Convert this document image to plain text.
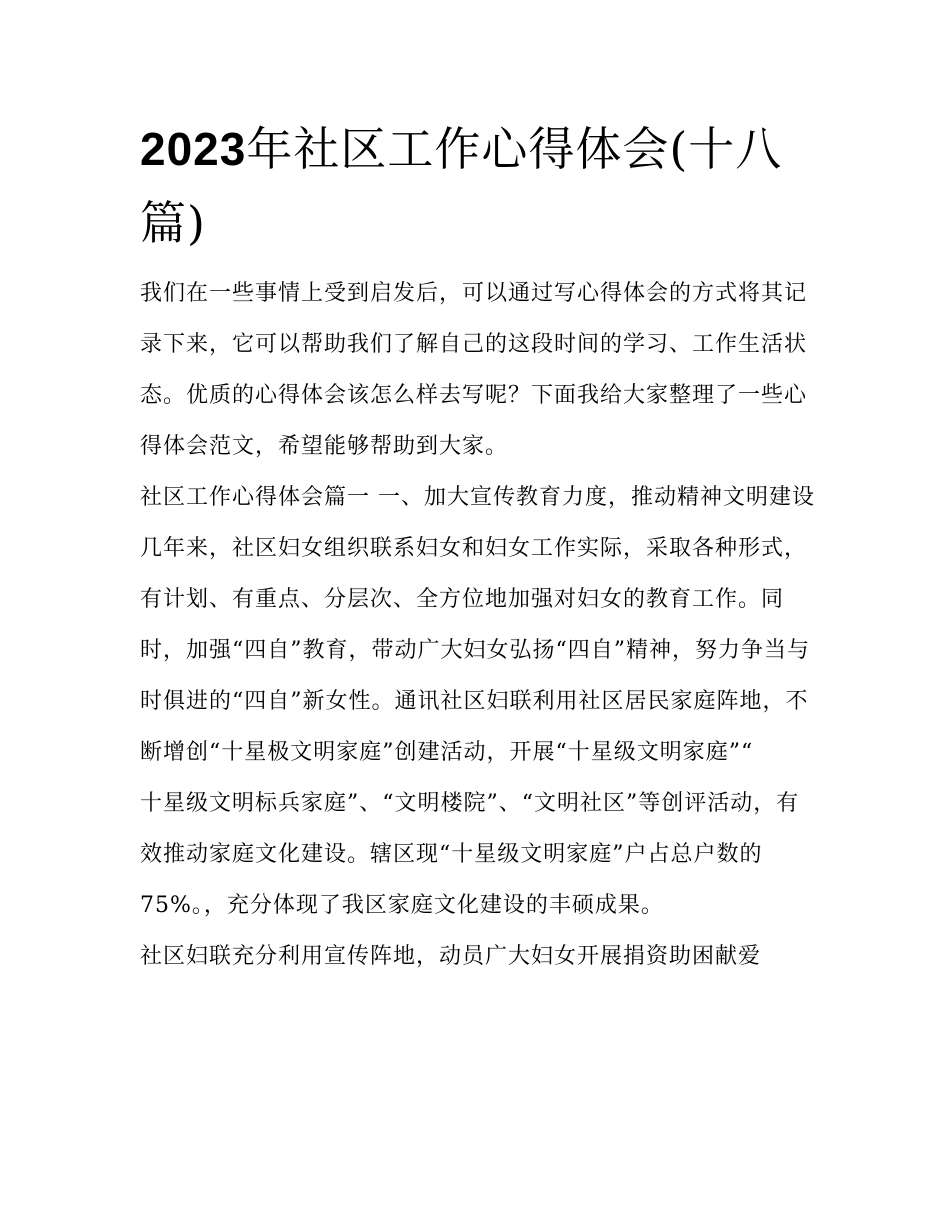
2023年社区工作心得体会(十八篇)

我们在一些事情上受到启发后，可以通过写心得体会的方式将其记录下来，它可以帮助我们了解自己的这段时间的学习、工作生活状态。优质的心得体会该怎么样去写呢？下面我给大家整理了一些心得体会范文，希望能够帮助到大家。

社区工作心得体会篇一 一、加大宣传教育力度，推动精神文明建设

几年来，社区妇女组织联系妇女和妇女工作实际，采取各种形式，有计划、有重点、分层次、全方位地加强对妇女的教育工作。同时，加强“四自”教育，带动广大妇女弘扬“四自”精神，努力争当与时俱进的“四自”新女性。通讯社区妇联利用社区居民家庭阵地，不断增创“十星极文明家庭”创建活动，开展“十星级文明家庭”“

十星级文明标兵家庭”、“文明楼院”、“文明社区”等创评活动，有效推动家庭文化建设。辖区现“十星级文明家庭”户占总户数的75%。，充分体现了我区家庭文化建设的丰硕成果。

社区妇联充分利用宣传阵地，动员广大妇女开展捐资助困献爱
